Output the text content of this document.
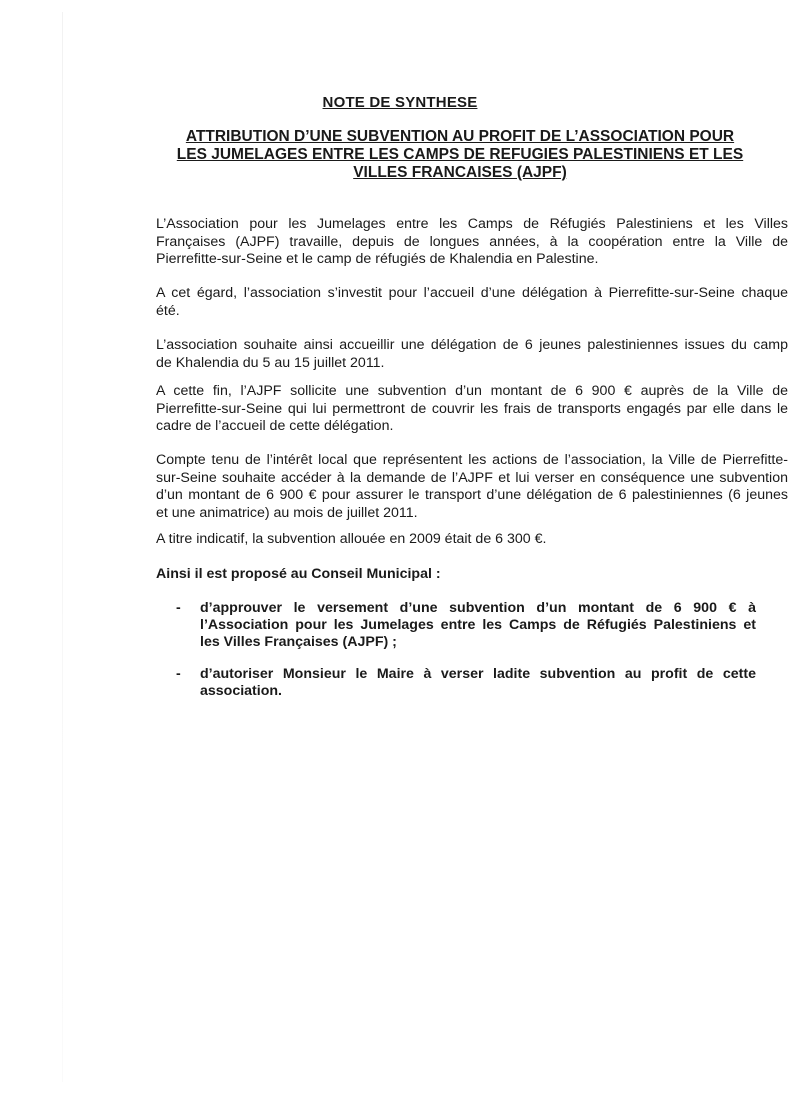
NOTE DE SYNTHESE
ATTRIBUTION D’UNE SUBVENTION AU PROFIT DE L’ASSOCIATION POUR
LES JUMELAGES ENTRE LES CAMPS DE REFUGIES PALESTINIENS ET LES
VILLES FRANCAISES (AJPF)
L’Association pour les Jumelages entre les Camps de Réfugiés Palestiniens et les Villes
Françaises (AJPF) travaille, depuis de longues années, à la coopération entre la Ville de
Pierrefitte-sur-Seine et le camp de réfugiés de Khalendia en Palestine.
A cet égard, l’association s’investit pour l’accueil d’une délégation à Pierrefitte-sur-Seine chaque
été.
L’association souhaite ainsi accueillir une délégation de 6 jeunes palestiniennes issues du camp
de Khalendia du 5 au 15 juillet 2011.
A cette fin, l’AJPF sollicite une subvention d’un montant de 6 900 € auprès de la Ville de
Pierrefitte-sur-Seine qui lui permettront de couvrir les frais de transports engagés par elle dans le
cadre de l’accueil de cette délégation.
Compte tenu de l’intérêt local que représentent les actions de l’association, la Ville de Pierrefitte-
sur-Seine souhaite accéder à la demande de l’AJPF et lui verser en conséquence une subvention
d’un montant de 6 900 € pour assurer le transport d’une délégation de 6 palestiniennes (6 jeunes
et une animatrice) au mois de juillet 2011.
A titre indicatif, la subvention allouée en 2009 était de 6 300 €.
Ainsi il est proposé au Conseil Municipal :
- d’approuver le versement d’une subvention d’un montant de 6 900 € à
l’Association pour les Jumelages entre les Camps de Réfugiés Palestiniens et
les Villes Françaises (AJPF) ;
- d’autoriser Monsieur le Maire à verser ladite subvention au profit de cette
association.
